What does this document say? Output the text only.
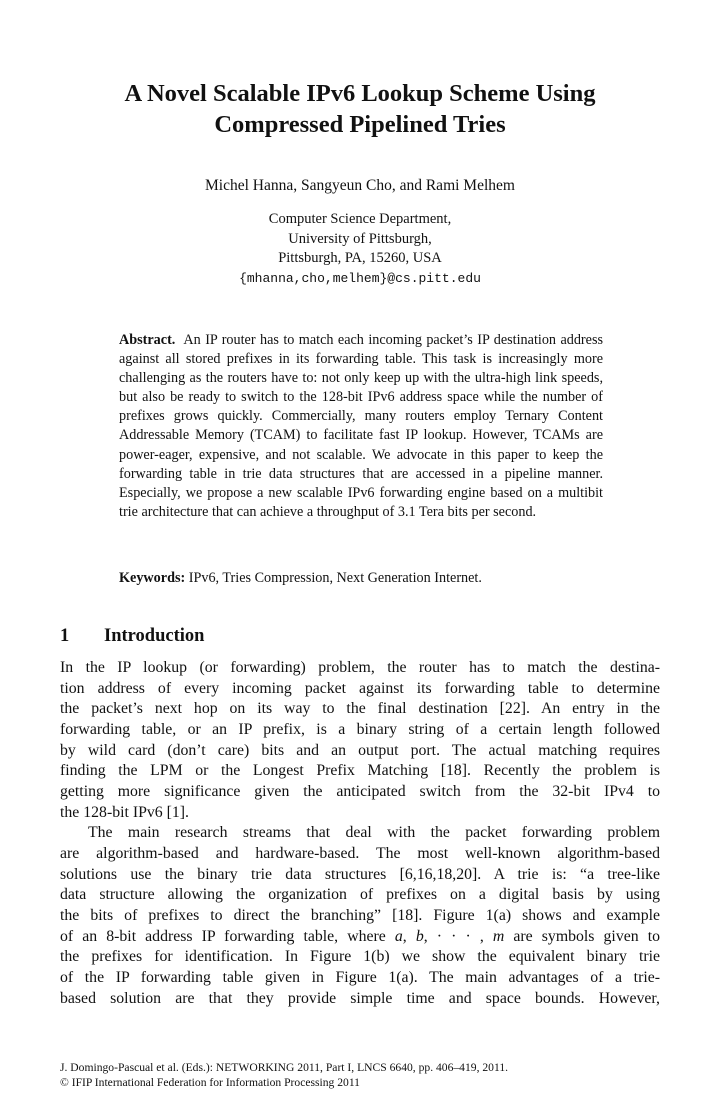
A Novel Scalable IPv6 Lookup Scheme Using Compressed Pipelined Tries
Michel Hanna, Sangyeun Cho, and Rami Melhem
Computer Science Department,
University of Pittsburgh,
Pittsburgh, PA, 15260, USA
{mhanna,cho,melhem}@cs.pitt.edu

Abstract. An IP router has to match each incoming packet’s IP destination address against all stored prefixes in its forwarding table. This task is increasingly more challenging as the routers have to: not only keep up with the ultra-high link speeds, but also be ready to switch to the 128-bit IPv6 address space while the number of prefixes grows quickly. Commercially, many routers employ Ternary Content Addressable Memory (TCAM) to facilitate fast IP lookup. However, TCAMs are power-eager, expensive, and not scalable. We advocate in this paper to keep the forwarding table in trie data structures that are accessed in a pipeline manner. Especially, we propose a new scalable IPv6 forwarding engine based on a multibit trie architecture that can achieve a throughput of 3.1 Tera bits per second.

Keywords: IPv6, Tries Compression, Next Generation Internet.

1 Introduction
In the IP lookup (or forwarding) problem, the router has to match the destina-
tion address of every incoming packet against its forwarding table to determine
the packet’s next hop on its way to the final destination [22]. An entry in the
forwarding table, or an IP prefix, is a binary string of a certain length followed
by wild card (don’t care) bits and an output port. The actual matching requires
finding the LPM or the Longest Prefix Matching [18]. Recently the problem is
getting more significance given the anticipated switch from the 32-bit IPv4 to
the 128-bit IPv6 [1].
The main research streams that deal with the packet forwarding problem
are algorithm-based and hardware-based. The most well-known algorithm-based
solutions use the binary trie data structures [6,16,18,20]. A trie is: “a tree-like
data structure allowing the organization of prefixes on a digital basis by using
the bits of prefixes to direct the branching” [18]. Figure 1(a) shows and example
of an 8-bit address IP forwarding table, where a, b, · · · , m are symbols given to
the prefixes for identification. In Figure 1(b) we show the equivalent binary trie
of the IP forwarding table given in Figure 1(a). The main advantages of a trie-
based solution are that they provide simple time and space bounds. However,
J. Domingo-Pascual et al. (Eds.): NETWORKING 2011, Part I, LNCS 6640, pp. 406–419, 2011.
© IFIP International Federation for Information Processing 2011
